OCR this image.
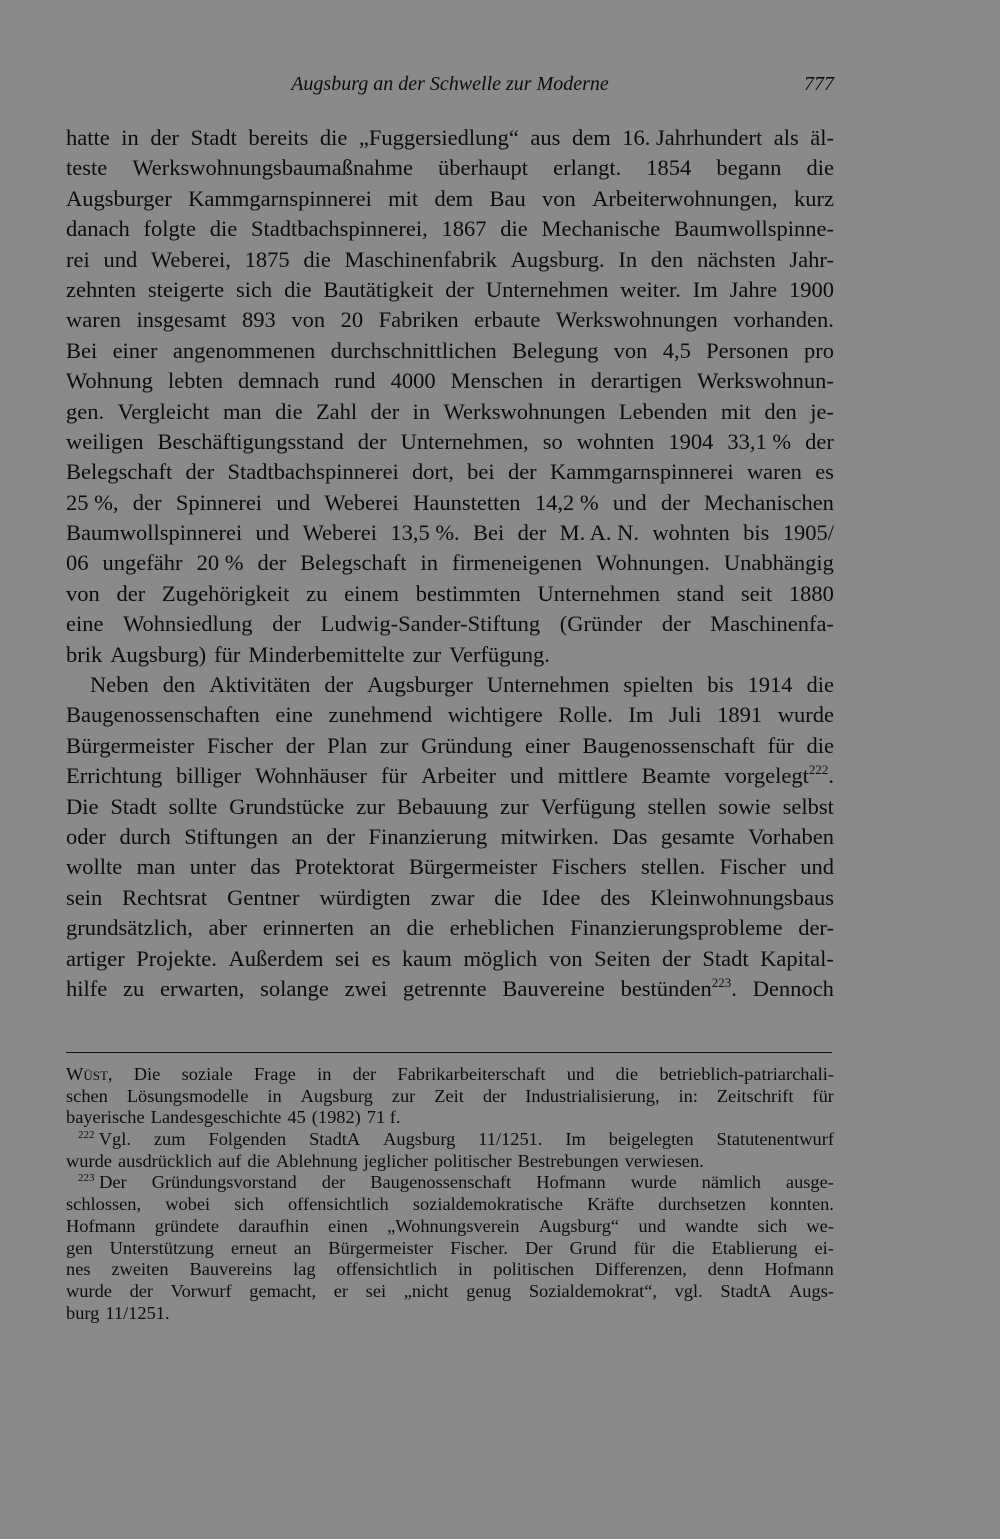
Augsburg an der Schwelle zur Moderne	777
hatte in der Stadt bereits die „Fuggersiedlung“ aus dem 16. Jahrhundert als äl-
teste Werkswohnungsbaumaßnahme überhaupt erlangt. 1854 begann die
Augsburger Kammgarnspinnerei mit dem Bau von Arbeiterwohnungen, kurz
danach folgte die Stadtbachspinnerei, 1867 die Mechanische Baumwollspinne-
rei und Weberei, 1875 die Maschinenfabrik Augsburg. In den nächsten Jahr-
zehnten steigerte sich die Bautätigkeit der Unternehmen weiter. Im Jahre 1900
waren insgesamt 893 von 20 Fabriken erbaute Werkswohnungen vorhanden.
Bei einer angenommenen durchschnittlichen Belegung von 4,5 Personen pro
Wohnung lebten demnach rund 4000 Menschen in derartigen Werkswohnun-
gen. Vergleicht man die Zahl der in Werkswohnungen Lebenden mit den je-
weiligen Beschäftigungsstand der Unternehmen, so wohnten 1904 33,1 % der
Belegschaft der Stadtbachspinnerei dort, bei der Kammgarnspinnerei waren es
25 %, der Spinnerei und Weberei Haunstetten 14,2 % und der Mechanischen
Baumwollspinnerei und Weberei 13,5 %. Bei der M. A. N. wohnten bis 1905/
06 ungefähr 20 % der Belegschaft in firmeneigenen Wohnungen. Unabhängig
von der Zugehörigkeit zu einem bestimmten Unternehmen stand seit 1880
eine Wohnsiedlung der Ludwig-Sander-Stiftung (Gründer der Maschinenfa-
brik Augsburg) für Minderbemittelte zur Verfügung.
Neben den Aktivitäten der Augsburger Unternehmen spielten bis 1914 die
Baugenossenschaften eine zunehmend wichtigere Rolle. Im Juli 1891 wurde
Bürgermeister Fischer der Plan zur Gründung einer Baugenossenschaft für die
Errichtung billiger Wohnhäuser für Arbeiter und mittlere Beamte vorgelegt$^{222}$.
Die Stadt sollte Grundstücke zur Bebauung zur Verfügung stellen sowie selbst
oder durch Stiftungen an der Finanzierung mitwirken. Das gesamte Vorhaben
wollte man unter das Protektorat Bürgermeister Fischers stellen. Fischer und
sein Rechtsrat Gentner würdigten zwar die Idee des Kleinwohnungsbaus
grundsätzlich, aber erinnerten an die erheblichen Finanzierungsprobleme der-
artiger Projekte. Außerdem sei es kaum möglich von Seiten der Stadt Kapital-
hilfe zu erwarten, solange zwei getrennte Bauvereine bestünden$^{223}$. Dennoch
Wüst, Die soziale Frage in der Fabrikarbeiterschaft und die betrieblich-patriarchali-
schen Lösungsmodelle in Augsburg zur Zeit der Industrialisierung, in: Zeitschrift für
bayerische Landesgeschichte 45 (1982) 71 f.
$^{222}$ Vgl. zum Folgenden StadtA Augsburg 11/1251. Im beigelegten Statutenentwurf
wurde ausdrücklich auf die Ablehnung jeglicher politischer Bestrebungen verwiesen.
$^{223}$ Der Gründungsvorstand der Baugenossenschaft Hofmann wurde nämlich ausge-
schlossen, wobei sich offensichtlich sozialdemokratische Kräfte durchsetzen konnten.
Hofmann gründete daraufhin einen „Wohnungsverein Augsburg“ und wandte sich we-
gen Unterstützung erneut an Bürgermeister Fischer. Der Grund für die Etablierung ei-
nes zweiten Bauvereins lag offensichtlich in politischen Differenzen, denn Hofmann
wurde der Vorwurf gemacht, er sei „nicht genug Sozialdemokrat“, vgl. StadtA Augs-
burg 11/1251.
